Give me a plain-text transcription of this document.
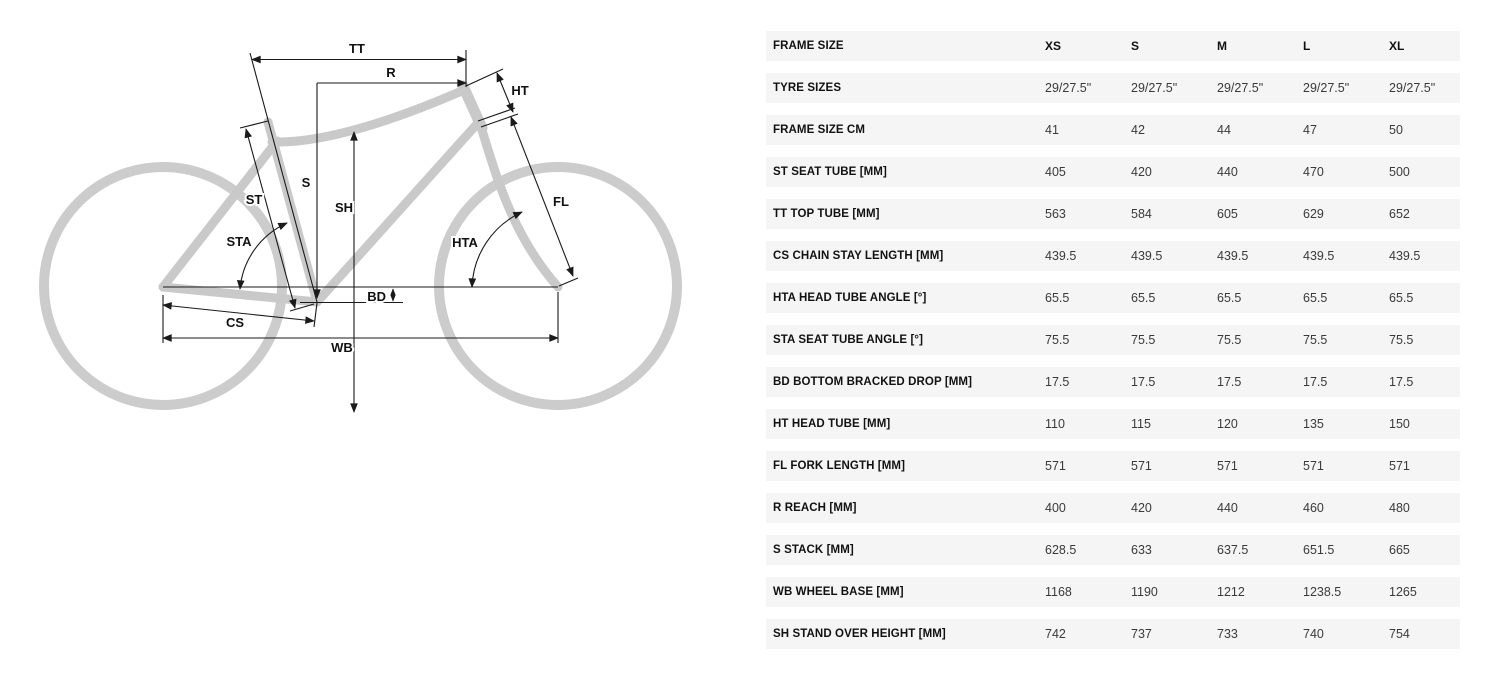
TT
R
HT
ST
S
SH	FL
STA	HTA
BD
CS
WB
FRAME SIZE	XS	S	M	L	XL
TYRE SIZES	29/27.5"	29/27.5"	29/27.5"	29/27.5"	29/27.5"
FRAME SIZE CM	41	42	44	47	50
ST SEAT TUBE [MM]	405	420	440	470	500
TT TOP TUBE [MM]	563	584	605	629	652
CS CHAIN STAY LENGTH [MM]	439.5	439.5	439.5	439.5	439.5
HTA HEAD TUBE ANGLE [°]	65.5	65.5	65.5	65.5	65.5
STA SEAT TUBE ANGLE [°]	75.5	75.5	75.5	75.5	75.5
BD BOTTOM BRACKED DROP [MM]	17.5	17.5	17.5	17.5	17.5
HT HEAD TUBE [MM]	110	115	120	135	150
FL FORK LENGTH [MM]	571	571	571	571	571
R REACH [MM]	400	420	440	460	480
S STACK [MM]	628.5	633	637.5	651.5	665
WB WHEEL BASE [MM]	1168	1190	1212	1238.5	1265
SH STAND OVER HEIGHT [MM]	742	737	733	740	754
